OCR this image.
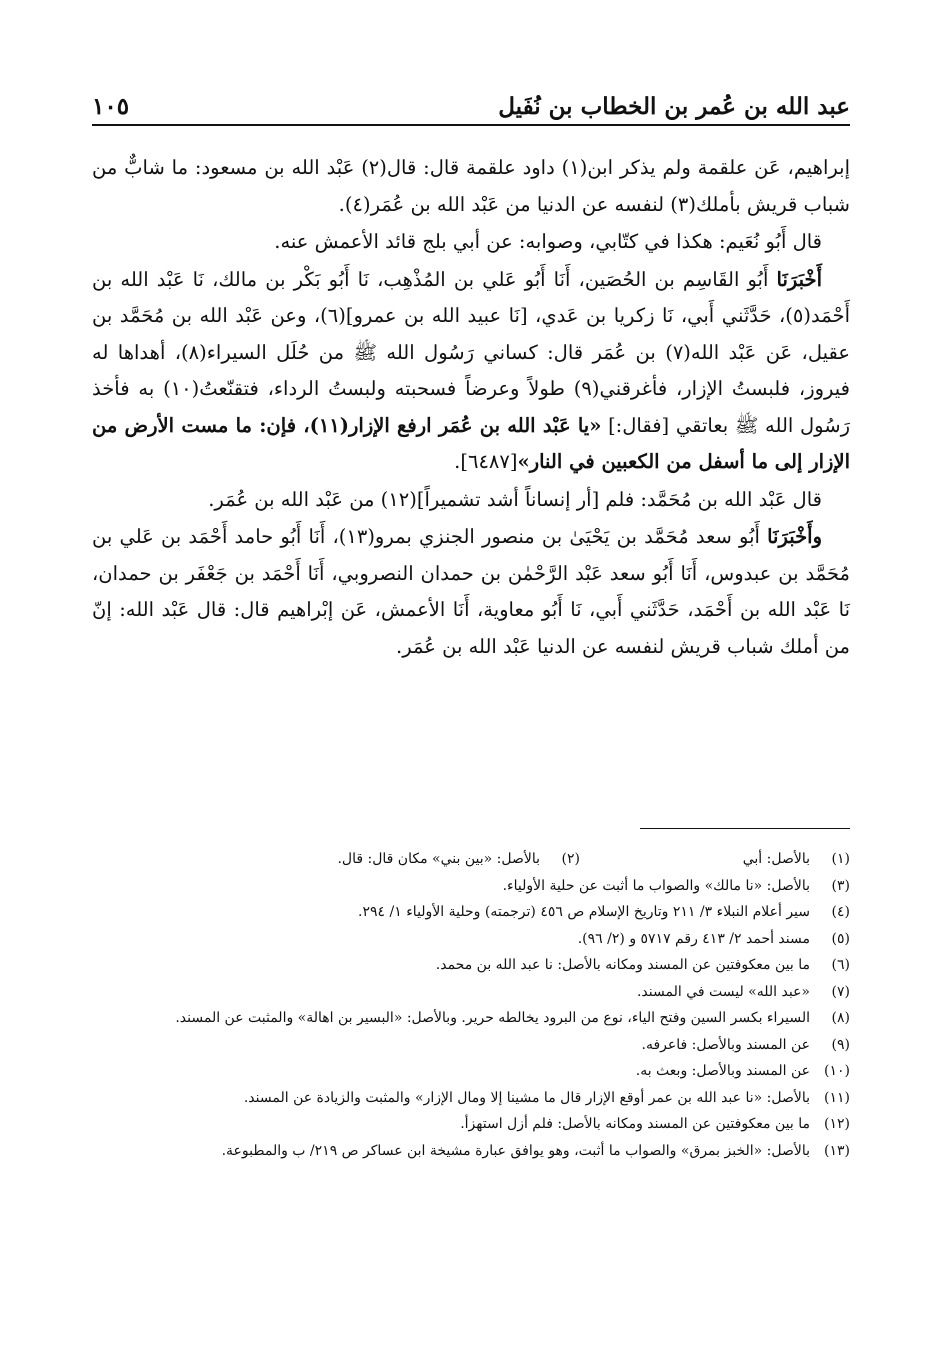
عبد الله بن عُمر بن الخطاب بن نُفَيل
١٠٥

إبراهيم، عَن علقمة ولم يذكر ابن(١) داود علقمة قال: قال(٢) عَبْد الله بن مسعود: ما شابٌّ من شباب قريش بأملك(٣) لنفسه عن الدنيا من عَبْد الله بن عُمَر(٤).

قال أَبُو نُعَيم: هكذا في كتّابي، وصوابه: عن أبي بلج قائد الأعمش عنه.

أَخْبَرَنَا أَبُو القَاسِم بن الحُصَين، أَنَا أَبُو عَلي بن المُذْهِب، نَا أَبُو بَكْر بن مالك، نَا عَبْد الله بن أَحْمَد(٥)، حَدَّثَني أَبي، نَا زكريا بن عَدي، [نَا عبيد الله بن عمرو](٦)، وعن عَبْد الله بن مُحَمَّد بن عقيل، عَن عَبْد الله(٧) بن عُمَر قال: كساني رَسُول الله ﷺ من حُلَل السيراء(٨)، أهداها له فيروز، فلبستُ الإزار، فأغرقني(٩) طولاً وعرضاً فسحبته ولبستُ الرداء، فتقنّعتُ(١٠) به فأخذ رَسُول الله ﷺ بعاتقي [فقال:] «يا عَبْد الله بن عُمَر ارفع الإزار(١١)، فإن: ما مست الأرض من الإزار إلى ما أسفل من الكعبين في النار»[٦٤٨٧].

قال عَبْد الله بن مُحَمَّد: فلم [أر إنساناً أشد تشميراً](١٢) من عَبْد الله بن عُمَر.

وأَخْبَرَنَا أَبُو سعد مُحَمَّد بن يَحْيَىٰ بن منصور الجنزي بمرو(١٣)، أَنَا أَبُو حامد أَحْمَد بن عَلي بن مُحَمَّد بن عبدوس، أَنَا أَبُو سعد عَبْد الرَّحْمٰن بن حمدان النصروبي، أَنَا أَحْمَد بن جَعْفَر بن حمدان، نَا عَبْد الله بن أَحْمَد، حَدَّثَني أَبي، نَا أَبُو معاوية، أَنَا الأعمش، عَن إبْراهيم قال: قال عَبْد الله: إنّ من أملك شباب قريش لنفسه عن الدنيا عَبْد الله بن عُمَر.

(١)
بالأصل: أبي
(٢)
بالأصل: «بين بني» مكان قال: قال.
(٣)
بالأصل: «نا مالك» والصواب ما أثبت عن حلية الأولياء.
(٤)
سير أعلام النبلاء ٣/ ٢١١ وتاريخ الإسلام ص ٤٥٦ (ترجمته) وحلية الأولياء ١/ ٢٩٤.
(٥)
مسند أحمد ٢/ ٤١٣ رقم ٥٧١٧ و (٢/ ٩٦).
(٦)
ما بين معكوفتين عن المسند ومكانه بالأصل: نا عبد الله بن محمد.
(٧)
«عبد الله» ليست في المسند.
(٨)
السيراء بكسر السين وفتح الياء، نوع من البرود يخالطه حرير. وبالأصل: «البسير بن اهالة» والمثبت عن المسند.
(٩)
عن المسند وبالأصل: فاعرفه.
(١٠)
عن المسند وبالأصل: وبعث به.
(١١)
بالأصل: «نا عبد الله بن عمر أوقع الإزار قال ما مشينا إلا ومال الإزار» والمثبت والزيادة عن المسند.
(١٢)
ما بين معكوفتين عن المسند ومكانه بالأصل: فلم أزل استهزأ.
(١٣)
بالأصل: «الخبز بمرق» والصواب ما أثبت، وهو يوافق عبارة مشيخة ابن عساكر ص ٢١٩/ ب والمطبوعة.
